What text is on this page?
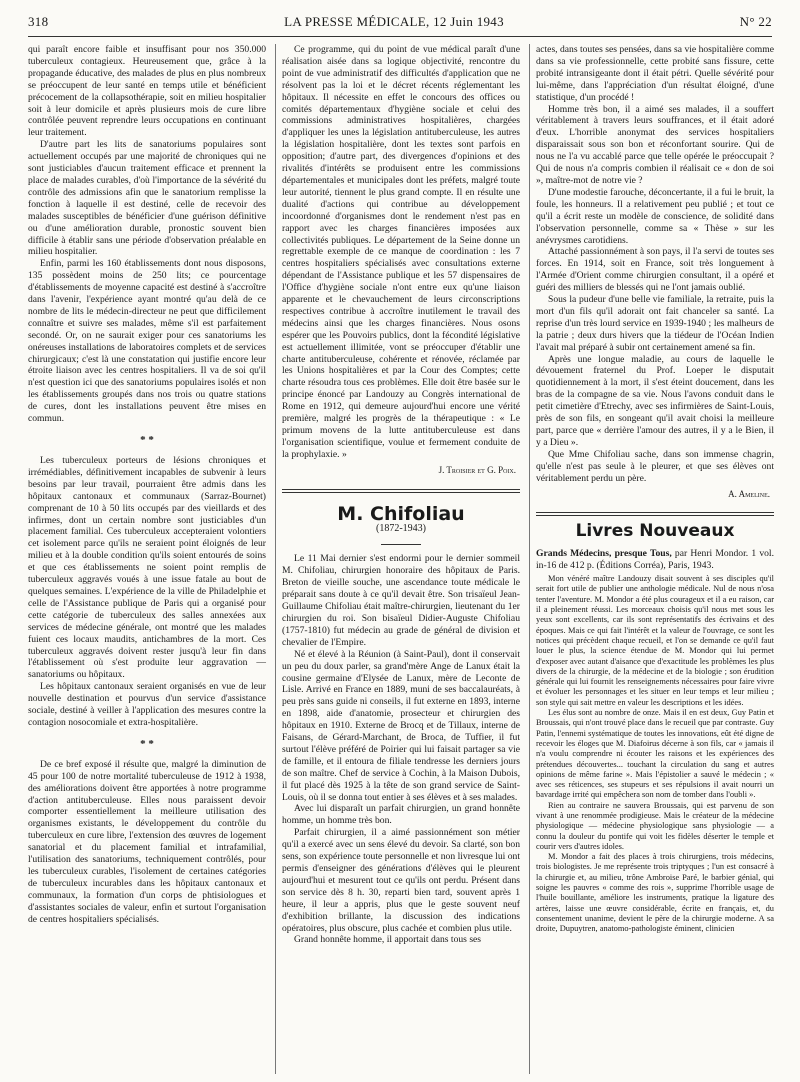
318	LA PRESSE MÉDICALE, 12 Juin 1943	N° 22

qui paraît encore faible et insuffisant pour nos 350.000 tuberculeux contagieux. Heureusement que, grâce à la propagande éducative, des malades de plus en plus nombreux se préoccupent de leur santé en temps utile et bénéficient précocement de la collapsothérapie, soit en milieu hospitalier soit à leur domicile et après plusieurs mois de cure libre contrôlée peuvent reprendre leurs occupations en continuant leur traitement.

D'autre part les lits de sanatoriums populaires sont actuellement occupés par une majorité de chroniques qui ne sont justiciables d'aucun traitement efficace et prennent la place de malades curables, d'où l'importance de la sévérité du contrôle des admissions afin que le sanatorium remplisse la fonction à laquelle il est destiné, celle de recevoir des malades susceptibles de bénéficier d'une guérison définitive ou d'une amélioration durable, pronostic souvent bien difficile à établir sans une période d'observation préalable en milieu hospitalier.

Enfin, parmi les 160 établissements dont nous disposons, 135 possèdent moins de 250 lits; ce pourcentage d'établissements de moyenne capacité est destiné à s'accroître dans l'avenir, l'expérience ayant montré qu'au delà de ce nombre de lits le médecin-directeur ne peut que difficilement connaître et suivre ses malades, même s'il est parfaitement secondé. Or, on ne saurait exiger pour ces sanatoriums les onéreuses installations de laboratoires complets et de services chirurgicaux; c'est là une constatation qui justifie encore leur étroite liaison avec les centres hospitaliers. Il va de soi qu'il n'est question ici que des sanatoriums populaires isolés et non les établissements groupés dans nos trois ou quatre stations de cures, dont les installations peuvent être mises en commun.

* *

Les tuberculeux porteurs de lésions chroniques et irrémédiables, définitivement incapables de subvenir à leurs besoins par leur travail, pourraient être admis dans les hôpitaux cantonaux et communaux (Sarraz-Bournet) comprenant de 10 à 50 lits occupés par des vieillards et des infirmes, dont un certain nombre sont justiciables d'un placement familial. Ces tuberculeux accepteraient volontiers cet isolement parce qu'ils ne seraient point éloignés de leur milieu et à la double condition qu'ils soient entourés de soins et que ces établissements ne soient point remplis de tuberculeux aggravés voués à une issue fatale au bout de quelques semaines. L'expérience de la ville de Philadelphie et celle de l'Assistance publique de Paris qui a organisé pour cette catégorie de tuberculeux des salles annexées aux services de médecine générale, ont montré que les malades fuient ces locaux maudits, antichambres de la mort. Ces tuberculeux aggravés doivent rester jusqu'à leur fin dans l'établissement où s'est produite leur aggravation — sanatoriums ou hôpitaux.

Les hôpitaux cantonaux seraient organisés en vue de leur nouvelle destination et pourvus d'un service d'assistance sociale, destiné à veiller à l'application des mesures contre la contagion nosocomiale et extra-hospitalière.

* *

De ce bref exposé il résulte que, malgré la diminution de 45 pour 100 de notre mortalité tuberculeuse de 1912 à 1938, des améliorations doivent être apportées à notre programme d'action antituberculeuse. Elles nous paraissent devoir comporter essentiellement la meilleure utilisation des organismes existants, le développement du contrôle du tuberculeux en cure libre, l'extension des œuvres de logement sanatorial et du placement familial et intrafamilial, l'utilisation des sanatoriums, techniquement contrôlés, pour les tuberculeux curables, l'isolement de certaines catégories de tuberculeux incurables dans les hôpitaux cantonaux et communaux, la formation d'un corps de phtisiologues et d'assistantes sociales de valeur, enfin et surtout l'organisation de centres hospitaliers spécialisés.

Ce programme, qui du point de vue médical paraît d'une réalisation aisée dans sa logique objectivité, rencontre du point de vue administratif des difficultés d'application que ne résolvent pas la loi et le décret récents réglementant les hôpitaux. Il nécessite en effet le concours des offices ou comités départementaux d'hygiène sociale et celui des commissions administratives hospitalières, chargées d'appliquer les unes la législation antituberculeuse, les autres la législation hospitalière, dont les textes sont parfois en opposition; d'autre part, des divergences d'opinions et des rivalités d'intérêts se produisent entre les commissions départementales et municipales dont les préfets, malgré toute leur autorité, tiennent le plus grand compte. Il en résulte une dualité d'actions qui contribue au développement incoordonné d'organismes dont le rendement n'est pas en rapport avec les charges financières imposées aux collectivités publiques. Le département de la Seine donne un regrettable exemple de ce manque de coordination : les 7 centres hospitaliers spécialisés avec consultations externe dépendant de l'Assistance publique et les 57 dispensaires de l'Office d'hygiène sociale n'ont entre eux qu'une liaison apparente et le chevauchement de leurs circonscriptions respectives contribue à accroître inutilement le travail des médecins ainsi que les charges financières. Nous osons espérer que les Pouvoirs publics, dont la fécondité législative est actuellement illimitée, vont se préoccuper d'établir une charte antituberculeuse, cohérente et rénovée, réclamée par les Unions hospitalières et par la Cour des Comptes; cette charte résoudra tous ces problèmes. Elle doit être basée sur le principe énoncé par Landouzy au Congrès international de Rome en 1912, qui demeure aujourd'hui encore une vérité première, malgré les progrès de la thérapeutique : « Le primum movens de la lutte antituberculeuse est dans l'organisation scientifique, voulue et fermement conduite de la prophylaxie. »

J. Troisier et G. Poix.
M. Chifoliau
(1872-1943)

Le 11 Mai dernier s'est endormi pour le dernier sommeil M. Chifoliau, chirurgien honoraire des hôpitaux de Paris. Breton de vieille souche, une ascendance toute médicale le préparait sans doute à ce qu'il devait être. Son trisaïeul Jean-Guillaume Chifoliau était maître-chirurgien, lieutenant du 1er chirurgien du roi. Son bisaïeul Didier-Auguste Chifoliau (1757-1810) fut médecin au grade de général de division et chevalier de l'Empire.

Né et élevé à la Réunion (à Saint-Paul), dont il conservait un peu du doux parler, sa grand'mère Ange de Lanux était la cousine germaine d'Elysée de Lanux, mère de Leconte de Lisle. Arrivé en France en 1889, muni de ses baccalauréats, à peu près sans guide ni conseils, il fut externe en 1893, interne en 1898, aide d'anatomie, prosecteur et chirurgien des hôpitaux en 1910. Externe de Brocq et de Tillaux, interne de Faisans, de Gérard-Marchant, de Broca, de Tuffier, il fut surtout l'élève préféré de Poirier qui lui faisait partager sa vie de famille, et il entoura de filiale tendresse les derniers jours de son maître. Chef de service à Cochin, à la Maison Dubois, il fut placé dès 1925 à la tête de son grand service de Saint-Louis, où il se donna tout entier à ses élèves et à ses malades.

Avec lui disparaît un parfait chirurgien, un grand honnête homme, un homme très bon.

Parfait chirurgien, il a aimé passionnément son métier qu'il a exercé avec un sens élevé du devoir. Sa clarté, son bon sens, son expérience toute personnelle et non livresque lui ont permis d'enseigner des générations d'élèves qui le pleurent aujourd'hui et mesurent tout ce qu'ils ont perdu. Présent dans son service dès 8 h. 30, reparti bien tard, souvent après 1 heure, il leur a appris, plus que le geste souvent neuf d'exhibition brillante, la discussion des indications opératoires, plus obscure, plus cachée et combien plus utile.

Grand honnête homme, il apportait dans tous ses

actes, dans toutes ses pensées, dans sa vie hospitalière comme dans sa vie professionnelle, cette probité sans fissure, cette probité intransigeante dont il était pétri. Quelle sévérité pour lui-même, dans l'appréciation d'un résultat éloigné, d'une statistique, d'un procédé !

Homme très bon, il a aimé ses malades, il a souffert véritablement à travers leurs souffrances, et il était adoré d'eux. L'horrible anonymat des services hospitaliers disparaissait sous son bon et réconfortant sourire. Qui de nous ne l'a vu accablé parce que telle opérée le préoccupait ? Qui de nous n'a compris combien il réalisait ce « don de soi », maître-mot de notre vie ?

D'une modestie farouche, déconcertante, il a fui le bruit, la foule, les honneurs. Il a relativement peu publié ; et tout ce qu'il a écrit reste un modèle de conscience, de solidité dans l'observation personnelle, comme sa « Thèse » sur les anévrysmes carotidiens.

Attaché passionnément à son pays, il l'a servi de toutes ses forces. En 1914, soit en France, soit très longuement à l'Armée d'Orient comme chirurgien consultant, il a opéré et guéri des milliers de blessés qui ne l'ont jamais oublié.

Sous la pudeur d'une belle vie familiale, la retraite, puis la mort d'un fils qu'il adorait ont fait chanceler sa santé. La reprise d'un très lourd service en 1939-1940 ; les malheurs de la patrie ; deux durs hivers que la tiédeur de l'Océan Indien l'avait mal préparé à subir ont certainement amené sa fin.

Après une longue maladie, au cours de laquelle le dévouement fraternel du Prof. Loeper le disputait quotidiennement à la mort, il s'est éteint doucement, dans les bras de la compagne de sa vie. Nous l'avons conduit dans le petit cimetière d'Etrechy, avec ses infirmières de Saint-Louis, près de son fils, en songeant qu'il avait choisi la meilleure part, parce que « derrière l'amour des autres, il y a le Bien, il y a Dieu ».

Que Mme Chifoliau sache, dans son immense chagrin, qu'elle n'est pas seule à le pleurer, et que ses élèves ont véritablement perdu un père.

A. Ameline.
Livres Nouveaux
Grands Médecins, presque Tous, par Henri Mondor. 1 vol. in-16 de 412 p. (Éditions Corréa), Paris, 1943.

Mon vénéré maître Landouzy disait souvent à ses disciples qu'il serait fort utile de publier une anthologie médicale. Nul de nous n'osa tenter l'aventure. M. Mondor a été plus courageux et il a eu raison, car il a pleinement réussi. Les morceaux choisis qu'il nous met sous les yeux sont excellents, car ils sont représentatifs des écrivains et des époques. Mais ce qui fait l'intérêt et la valeur de l'ouvrage, ce sont les notices qui précèdent chaque recueil, et l'on se demande ce qu'il faut louer le plus, la science étendue de M. Mondor qui lui permet d'exposer avec autant d'aisance que d'exactitude les problèmes les plus divers de la chirurgie, de la médecine et de la biologie ; son érudition générale qui lui fournit les renseignements nécessaires pour faire vivre et évoluer les personnages et les situer en leur temps et leur milieu ; son style qui sait mettre en valeur les descriptions et les idées.

Les élus sont au nombre de onze. Mais il en est deux, Guy Patin et Broussais, qui n'ont trouvé place dans le recueil que par contraste. Guy Patin, l'ennemi systématique de toutes les innovations, eût été digne de recevoir les éloges que M. Diafoirus décerne à son fils, car « jamais il n'a voulu comprendre ni écouter les raisons et les expériences des prétendues découvertes... touchant la circulation du sang et autres opinions de même farine ». Mais l'épistolier a sauvé le médecin ; « avec ses réticences, ses stupeurs et ses répulsions il avait nourri un bavardage irrité qui empêchera son nom de tomber dans l'oubli ».

Rien au contraire ne sauvera Broussais, qui est parvenu de son vivant à une renommée prodigieuse. Mais le créateur de la médecine physiologique — médecine physiologique sans physiologie — a connu la douleur du pontife qui voit les fidèles déserter le temple et courir vers d'autres idoles.

M. Mondor a fait des places à trois chirurgiens, trois médecins, trois biologistes. Je me représente trois triptyques ; l'un est consacré à la chirurgie et, au milieu, trône Ambroise Paré, le barbier génial, qui soigne les pauvres « comme des rois », supprime l'horrible usage de l'huile bouillante, améliore les instruments, pratique la ligature des artères, laisse une œuvre considérable, écrite en français, et, du consentement unanime, devient le père de la chirurgie moderne. A sa droite, Dupuytren, anatomo-pathologiste éminent, clinicien
